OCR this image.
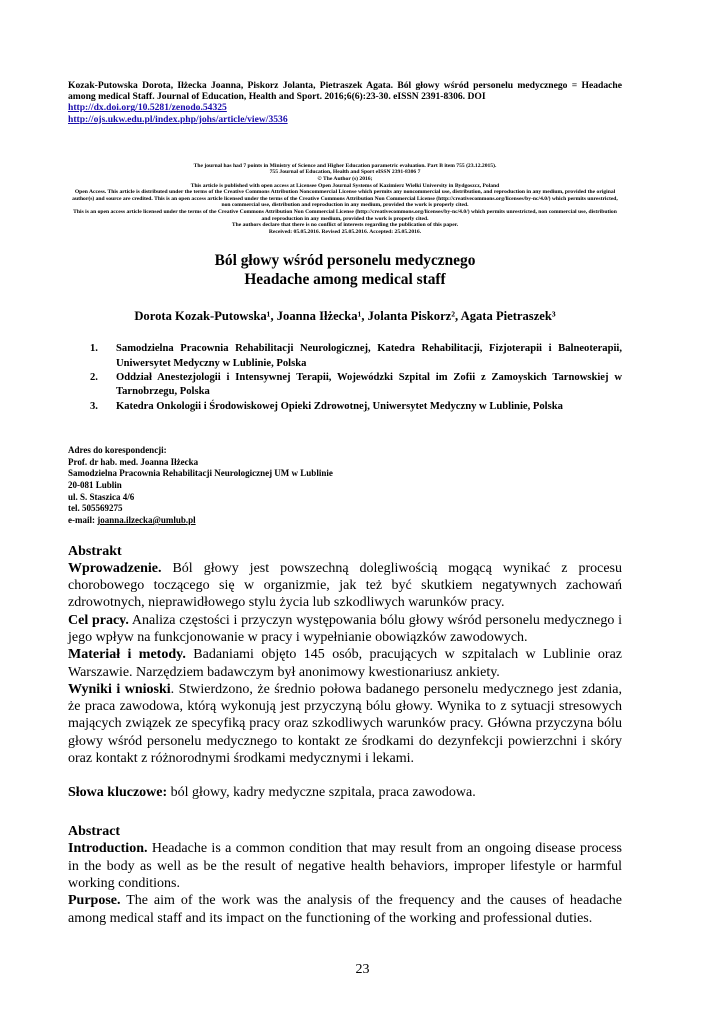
Kozak-Putowska Dorota, Iłżecka Joanna, Piskorz Jolanta, Pietraszek Agata. Ból głowy wśród personelu medycznego = Headache among medical Staff. Journal of Education, Health and Sport. 2016;6(6):23-30. eISSN 2391-8306. DOI
http://dx.doi.org/10.5281/zenodo.54325
http://ojs.ukw.edu.pl/index.php/johs/article/view/3536
The journal has had 7 points in Ministry of Science and Higher Education parametric evaluation. Part B item 755 (23.12.2015).
755 Journal of Education, Health and Sport eISSN 2391-8306 7
© The Author (s) 2016;
This article is published with open access at Licensee Open Journal Systems of Kazimierz Wielki University in Bydgoszcz, Poland
Open Access. This article is distributed under the terms of the Creative Commons Attribution Noncommercial License which permits any noncommercial use, distribution, and reproduction in any medium, provided the original author(s) and source are credited. This is an open access article licensed under the terms of the Creative Commons Attribution Non Commercial License (http://creativecommons.org/licenses/by-nc/4.0/) which permits unrestricted, non commercial use, distribution and reproduction in any medium, provided the work is properly cited.
This is an open access article licensed under the terms of the Creative Commons Attribution Non Commercial License (http://creativecommons.org/licenses/by-nc/4.0/) which permits unrestricted, non commercial use, distribution and reproduction in any medium, provided the work is properly cited.
The authors declare that there is no conflict of interests regarding the publication of this paper.
Received: 05.05.2016. Revised 25.05.2016. Accepted: 25.05.2016.
Ból głowy wśród personelu medycznego
Headache among medical staff
Dorota Kozak-Putowska¹, Joanna Iłżecka¹, Jolanta Piskorz², Agata Pietraszek³
1.	Samodzielna Pracownia Rehabilitacji Neurologicznej, Katedra Rehabilitacji, Fizjoterapii i Balneoterapii, Uniwersytet Medyczny w Lublinie, Polska
2.	Oddział Anestezjologii i Intensywnej Terapii, Wojewódzki Szpital im Zofii z Zamoyskich Tarnowskiej w Tarnobrzegu, Polska
3.	Katedra Onkologii i Środowiskowej Opieki Zdrowotnej, Uniwersytet Medyczny w Lublinie, Polska
Adres do korespondencji:
Prof. dr hab. med. Joanna Iłżecka
Samodzielna Pracownia Rehabilitacji Neurologicznej UM w Lublinie
20-081 Lublin
ul. S. Staszica 4/6
tel. 505569275
e-mail: joanna.ilzecka@umlub.pl
Abstrakt
Wprowadzenie. Ból głowy jest powszechną dolegliwością mogącą wynikać z procesu chorobowego toczącego się w organizmie, jak też być skutkiem negatywnych zachowań zdrowotnych, nieprawidłowego stylu życia lub szkodliwych warunków pracy.
Cel pracy. Analiza częstości i przyczyn występowania bólu głowy wśród personelu medycznego i jego wpływ na funkcjonowanie w pracy i wypełnianie obowiązków zawodowych.
Materiał i metody. Badaniami objęto 145 osób, pracujących w szpitalach w Lublinie oraz Warszawie. Narzędziem badawczym był anonimowy kwestionariusz ankiety.
Wyniki i wnioski. Stwierdzono, że średnio połowa badanego personelu medycznego jest zdania, że praca zawodowa, którą wykonują jest przyczyną bólu głowy. Wynika to z sytuacji stresowych mających związek ze specyfiką pracy oraz szkodliwych warunków pracy. Główna przyczyna bólu głowy wśród personelu medycznego to kontakt ze środkami do dezynfekcji powierzchni i skóry oraz kontakt z różnorodnymi środkami medycznymi i lekami.
Słowa kluczowe: ból głowy, kadry medyczne szpitala, praca zawodowa.
Abstract
Introduction. Headache is a common condition that may result from an ongoing disease process in the body as well as be the result of negative health behaviors, improper lifestyle or harmful working conditions.
Purpose. The aim of the work was the analysis of the frequency and the causes of headache among medical staff and its impact on the functioning of the working and professional duties.
23
